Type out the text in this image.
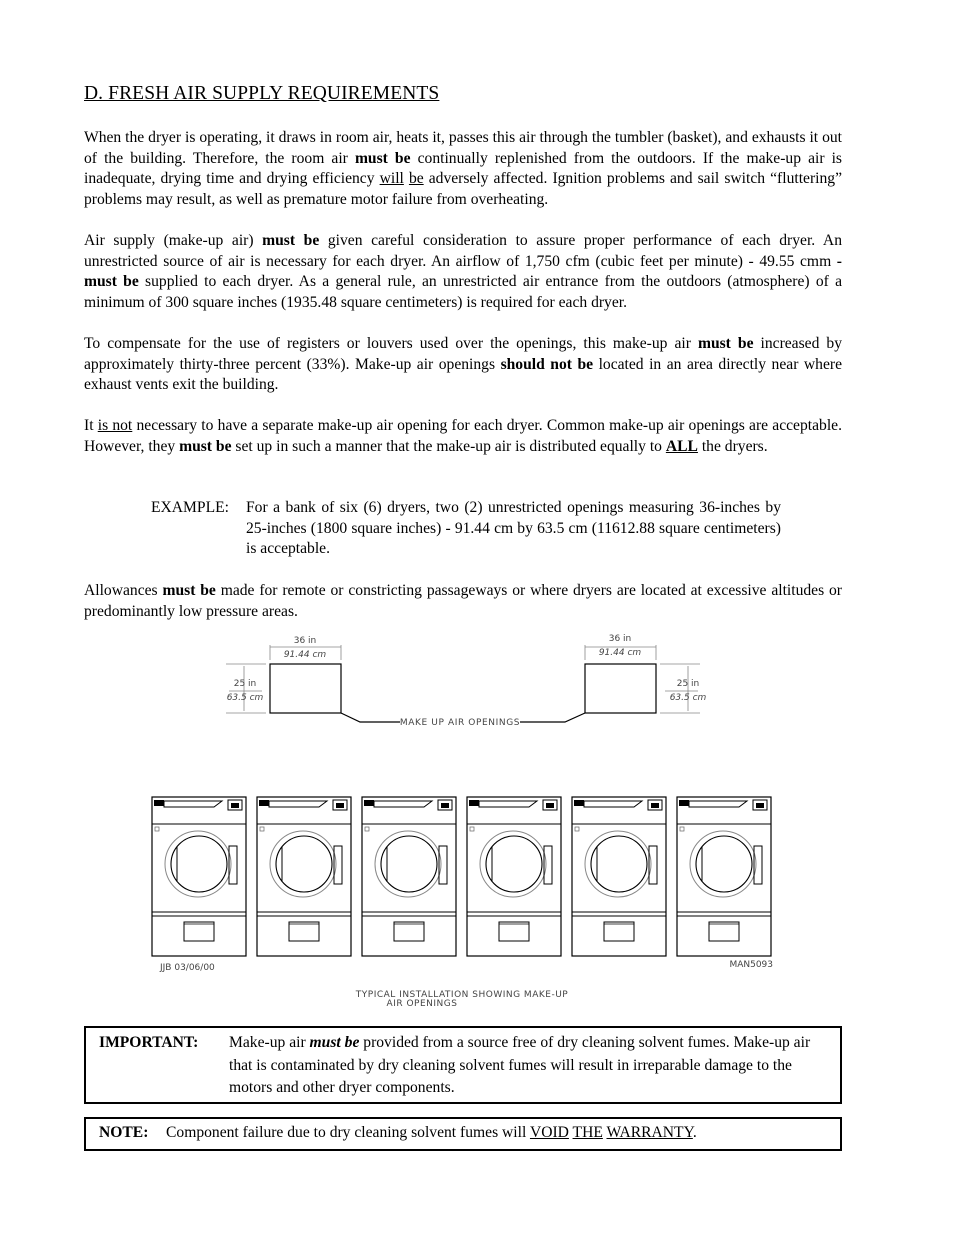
D. FRESH AIR SUPPLY REQUIREMENTS
When the dryer is operating, it draws in room air, heats it, passes this air through the tumbler (basket), and exhausts it out of the building. Therefore, the room air must be continually replenished from the outdoors. If the make-up air is inadequate, drying time and drying efficiency will be adversely affected. Ignition problems and sail switch “fluttering” problems may result, as well as premature motor failure from overheating.
Air supply (make-up air) must be given careful consideration to assure proper performance of each dryer. An unrestricted source of air is necessary for each dryer. An airflow of 1,750 cfm (cubic feet per minute) - 49.55 cmm - must be supplied to each dryer. As a general rule, an unrestricted air entrance from the outdoors (atmosphere) of a minimum of 300 square inches (1935.48 square centimeters) is required for each dryer.
To compensate for the use of registers or louvers used over the openings, this make-up air must be increased by approximately thirty-three percent (33%). Make-up air openings should not be located in an area directly near where exhaust vents exit the building.
It is not necessary to have a separate make-up air opening for each dryer. Common make-up air openings are acceptable. However, they must be set up in such a manner that the make-up air is distributed equally to ALL the dryers.
EXAMPLE: For a bank of six (6) dryers, two (2) unrestricted openings measuring 36-inches by 25-inches (1800 square inches) - 91.44 cm by 63.5 cm (11612.88 square centimeters) is acceptable.
Allowances must be made for remote or constricting passageways or where dryers are located at excessive altitudes or predominantly low pressure areas.
36 in
91.44 cm
25 in
63.5 cm
36 in
91.44 cm
25 in
63.5 cm
MAKE UP AIR OPENINGS
JJB 03/06/00	MAN5093
TYPICAL INSTALLATION SHOWING MAKE-UP
AIR OPENINGS
IMPORTANT: Make-up air must be provided from a source free of dry cleaning solvent fumes. Make-up air that is contaminated by dry cleaning solvent fumes will result in irreparable damage to the motors and other dryer components.
NOTE: Component failure due to dry cleaning solvent fumes will VOID THE WARRANTY.
